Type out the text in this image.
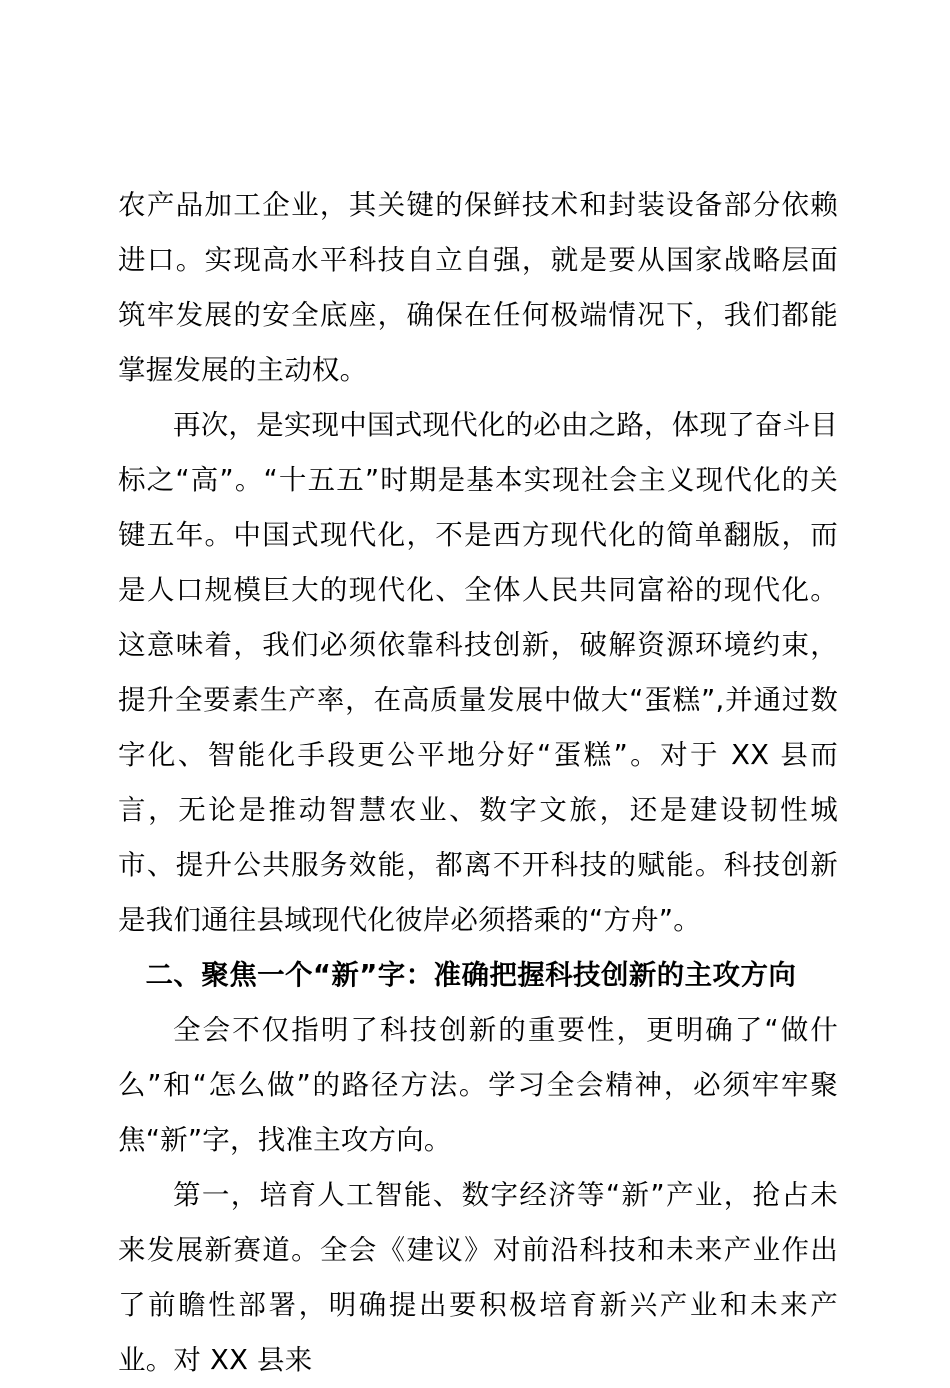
农产品加工企业，其关键的保鲜技术和封装设备部分依赖进口。实现高水平科技自立自强，就是要从国家战略层面筑牢发展的安全底座，确保在任何极端情况下，我们都能掌握发展的主动权。

再次，是实现中国式现代化的必由之路，体现了奋斗目标之“高”。“十五五”时期是基本实现社会主义现代化的关键五年。中国式现代化，不是西方现代化的简单翻版，而是人口规模巨大的现代化、全体人民共同富裕的现代化。这意味着，我们必须依靠科技创新，破解资源环境约束，提升全要素生产率，在高质量发展中做大“蛋糕”,并通过数字化、智能化手段更公平地分好“蛋糕”。对于 XX 县而言，无论是推动智慧农业、数字文旅，还是建设韧性城市、提升公共服务效能，都离不开科技的赋能。科技创新是我们通往县域现代化彼岸必须搭乘的“方舟”。

二、聚焦一个“新”字：准确把握科技创新的主攻方向

全会不仅指明了科技创新的重要性，更明确了“做什么”和“怎么做”的路径方法。学习全会精神，必须牢牢聚焦“新”字，找准主攻方向。

第一，培育人工智能、数字经济等“新”产业，抢占未来发展新赛道。全会《建议》对前沿科技和未来产业作出了前瞻性部署，明确提出要积极培育新兴产业和未来产业。对 XX 县来
